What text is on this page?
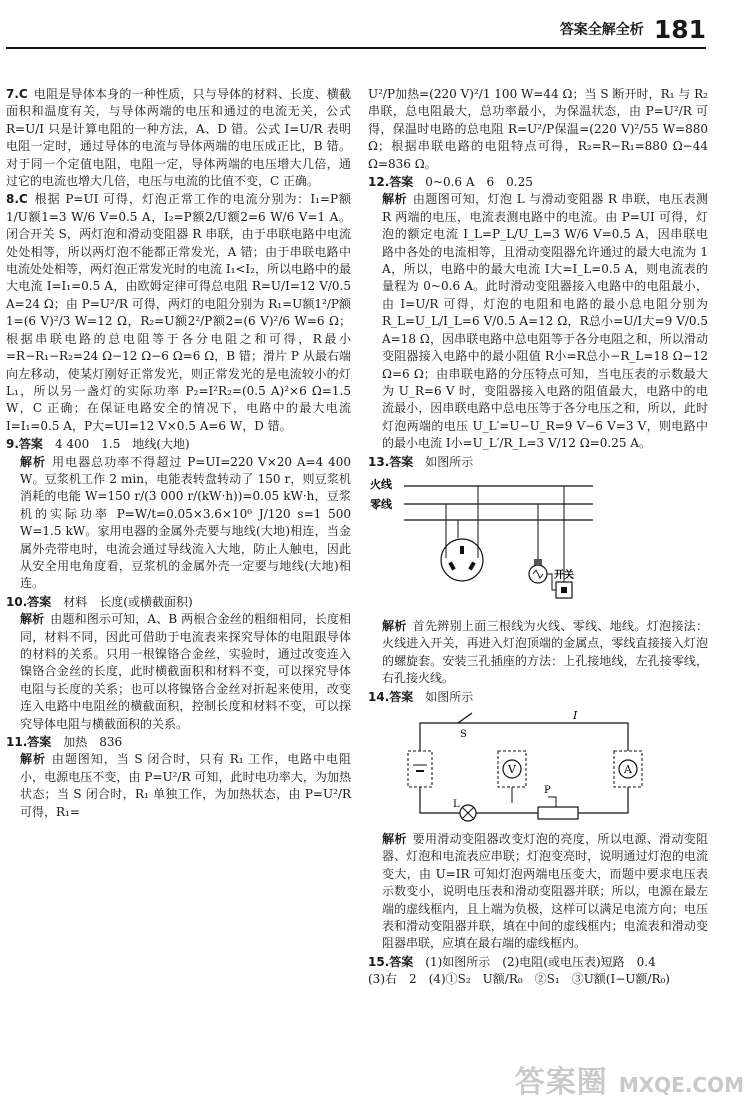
答案全解全析 181

7.C 电阻是导体本身的一种性质，只与导体的材料、长度、横截面积和温度有关，与导体两端的电压和通过的电流无关，公式 R=U/I 只是计算电阻的一种方法，A、D 错。公式 I=U/R 表明电阻一定时，通过导体的电流与导体两端的电压成正比，B 错。对于同一个定值电阻，电阻一定，导体两端的电压增大几倍，通过它的电流也增大几倍，电压与电流的比值不变，C 正确。

8.C 根据 P=UI 可得，灯泡正常工作的电流分别为：I₁=P额1/U额1=3 W/6 V=0.5 A，I₂=P额2/U额2=6 W/6 V=1 A。闭合开关 S，两灯泡和滑动变阻器 R 串联，由于串联电路中电流处处相等，所以两灯泡不能都正常发光，A 错；由于串联电路中电流处处相等，两灯泡正常发光时的电流 I₁<I₂，所以电路中的最大电流 I=I₁=0.5 A，由欧姆定律可得总电阻 R=U/I=12 V/0.5 A=24 Ω；由 P=U²/R 可得，两灯的电阻分别为 R₁=U额1²/P额1=(6 V)²/3 W=12 Ω，R₂=U额2²/P额2=(6 V)²/6 W=6 Ω；根据串联电路的总电阻等于各分电阻之和可得，R最小=R−R₁−R₂=24 Ω−12 Ω−6 Ω=6 Ω，B 错；滑片 P 从最右端向左移动，使某灯刚好正常发光，则正常发光的是电流较小的灯 L₁，所以另一盏灯的实际功率 P₂=I²R₂=(0.5 A)²×6 Ω=1.5 W，C 正确；在保证电路安全的情况下，电路中的最大电流 I=I₁=0.5 A，P大=UI=12 V×0.5 A=6 W，D 错。

9.答案 4 400　1.5　地线(大地)

解析 用电器总功率不得超过 P=UI=220 V×20 A=4 400 W。豆浆机工作 2 min，电能表转盘转动了 150 r，则豆浆机消耗的电能 W=150 r/(3 000 r/(kW·h))=0.05 kW·h，豆浆机的实际功率 P=W/t=0.05×3.6×10⁶ J/120 s=1 500 W=1.5 kW。家用电器的金属外壳要与地线(大地)相连，当金属外壳带电时，电流会通过导线流入大地，防止人触电，因此从安全用电角度看，豆浆机的金属外壳一定要与地线(大地)相连。

10.答案 材料　长度(或横截面积)

解析 由题和图示可知，A、B 两根合金丝的粗细相同，长度相同，材料不同，因此可借助于电流表来探究导体的电阻跟导体的材料的关系。只用一根镍铬合金丝，实验时，通过改变连入镍铬合金丝的长度，此时横截面积和材料不变，可以探究导体电阻与长度的关系；也可以将镍铬合金丝对折起来使用，改变连入电路中电阻丝的横截面积，控制长度和材料不变，可以探究导体电阻与横截面积的关系。

11.答案 加热　836

解析 由题图知，当 S 闭合时，只有 R₁ 工作，电路中电阻小，电源电压不变，由 P=U²/R 可知，此时电功率大，为加热状态；当 S 闭合时，R₁ 单独工作，为加热状态，由 P=U²/R 可得，R₁=

U²/P加热=(220 V)²/1 100 W=44 Ω；当 S 断开时，R₁ 与 R₂ 串联，总电阻最大，总功率最小，为保温状态，由 P=U²/R 可得，保温时电路的总电阻 R=U²/P保温=(220 V)²/55 W=880 Ω；根据串联电路的电阻特点可得，R₂=R−R₁=880 Ω−44 Ω=836 Ω。

12.答案 0~0.6 A　6　0.25

解析 由题图可知，灯泡 L 与滑动变阻器 R 串联，电压表测 R 两端的电压，电流表测电路中的电流。由 P=UI 可得，灯泡的额定电流 I_L=P_L/U_L=3 W/6 V=0.5 A，因串联电路中各处的电流相等，且滑动变阻器允许通过的最大电流为 1 A，所以，电路中的最大电流 I大=I_L=0.5 A，则电流表的量程为 0~0.6 A。此时滑动变阻器接入电路中的电阻最小，由 I=U/R 可得，灯泡的电阻和电路的最小总电阻分别为 R_L=U_L/I_L=6 V/0.5 A=12 Ω，R总小=U/I大=9 V/0.5 A=18 Ω，因串联电路中总电阻等于各分电阻之和，所以滑动变阻器接入电路中的最小阻值 R小=R总小−R_L=18 Ω−12 Ω=6 Ω；由串联电路的分压特点可知，当电压表的示数最大为 U_R=6 V 时，变阻器接入电路的阻值最大，电路中的电流最小，因串联电路中总电压等于各分电压之和，所以，此时灯泡两端的电压 U_L′=U−U_R=9 V−6 V=3 V，则电路中的最小电流 I小=U_L′/R_L=3 V/12 Ω=0.25 A。

13.答案 如图所示

火线
零线
开关

解析 首先辨别上面三根线为火线、零线、地线。灯泡接法：火线进入开关，再进入灯泡顶端的金属点，零线直接接入灯泡的螺旋套。安装三孔插座的方法：上孔接地线，左孔接零线，右孔接火线。

14.答案 如图所示

I
S
V	A
L
P

解析 要用滑动变阻器改变灯泡的亮度，所以电源、滑动变阻器、灯泡和电流表应串联；灯泡变亮时，说明通过灯泡的电流变大，由 U=IR 可知灯泡两端电压变大，而题中要求电压表示数变小，说明电压表和滑动变阻器并联；所以，电源在最左端的虚线框内，且上端为负极，这样可以满足电流方向；电压表和滑动变阻器并联，填在中间的虚线框内；电流表和滑动变阻器串联，应填在最右端的虚线框内。

15.答案 (1)如图所示　(2)电阻(或电压表)短路　0.4

(3)右　2　(4)①S₂　U额/R₀　②S₁　③U额(I−U额/R₀)

答案圈 MXQE.COM
